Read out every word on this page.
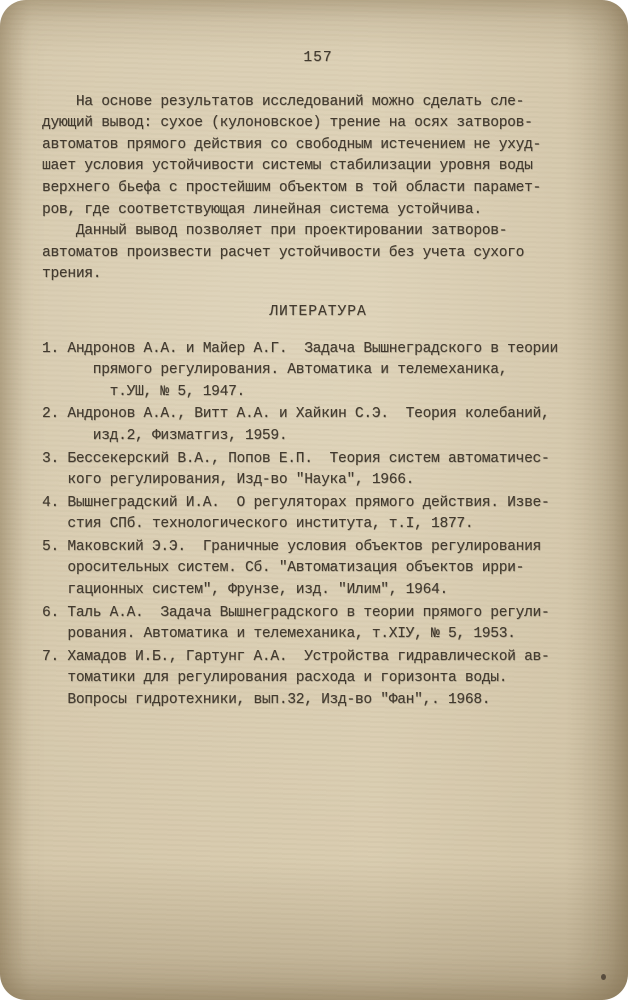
157
На основе результатов исследований можно сделать сле-
дующий вывод: сухое (кулоновское) трение на осях затворов-
автоматов прямого действия со свободным истечением не ухуд-
шает условия устойчивости системы стабилизации уровня воды
верхнего бьефа с простейшим объектом в той области парамет-
ров, где соответствующая линейная система устойчива.
Данный вывод позволяет при проектировании затворов-
автоматов произвести расчет устойчивости без учета сухого
трения.
ЛИТЕРАТУРА
1. Андронов А.А. и Майер А.Г.  Задача Вышнеградского в теории
прямого регулирования. Автоматика и телемеханика,
т.УШ, № 5, 1947.
2. Андронов А.А., Витт А.А. и Хайкин С.Э.  Теория колебаний,
изд.2, Физматгиз, 1959.
3. Бессекерский В.А., Попов Е.П.  Теория систем автоматичес-
кого регулирования, Изд-во "Наука", 1966.
4. Вышнеградский И.А.  О регуляторах прямого действия. Изве-
стия СПб. технологического института, т.I, 1877.
5. Маковский Э.Э.  Граничные условия объектов регулирования
оросительных систем. Сб. "Автоматизация объектов ирри-
гационных систем", Фрунзе, изд. "Илим", 1964.
6. Таль А.А.  Задача Вышнеградского в теории прямого регули-
рования. Автоматика и телемеханика, т.ХIУ, № 5, 1953.
7. Хамадов И.Б., Гартунг А.А.  Устройства гидравлической ав-
томатики для регулирования расхода и горизонта воды.
Вопросы гидротехники, вып.32, Изд-во "Фан",. 1968.
